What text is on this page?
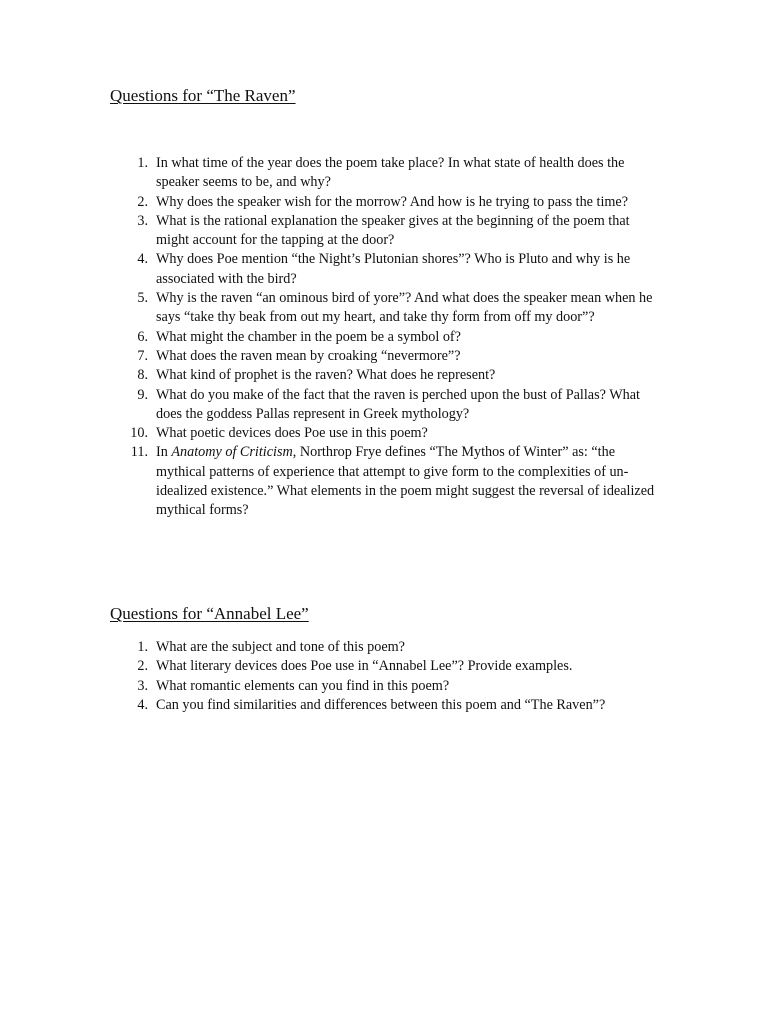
Questions for “The Raven”
1. In what time of the year does the poem take place? In what state of health does the speaker seems to be, and why?
2. Why does the speaker wish for the morrow? And how is he trying to pass the time?
3. What is the rational explanation the speaker gives at the beginning of the poem that might account for the tapping at the door?
4. Why does Poe mention “the Night’s Plutonian shores”? Who is Pluto and why is he associated with the bird?
5. Why is the raven “an ominous bird of yore”? And what does the speaker mean when he says “take thy beak from out my heart, and take thy form from off my door”?
6. What might the chamber in the poem be a symbol of?
7. What does the raven mean by croaking “nevermore”?
8. What kind of prophet is the raven? What does he represent?
9. What do you make of the fact that the raven is perched upon the bust of Pallas? What does the goddess Pallas represent in Greek mythology?
10. What poetic devices does Poe use in this poem?
11. In Anatomy of Criticism, Northrop Frye defines “The Mythos of Winter” as: “the mythical patterns of experience that attempt to give form to the complexities of un-idealized existence.” What elements in the poem might suggest the reversal of idealized mythical forms?
Questions for “Annabel Lee”
1. What are the subject and tone of this poem?
2. What literary devices does Poe use in “Annabel Lee”? Provide examples.
3. What romantic elements can you find in this poem?
4. Can you find similarities and differences between this poem and “The Raven”?
